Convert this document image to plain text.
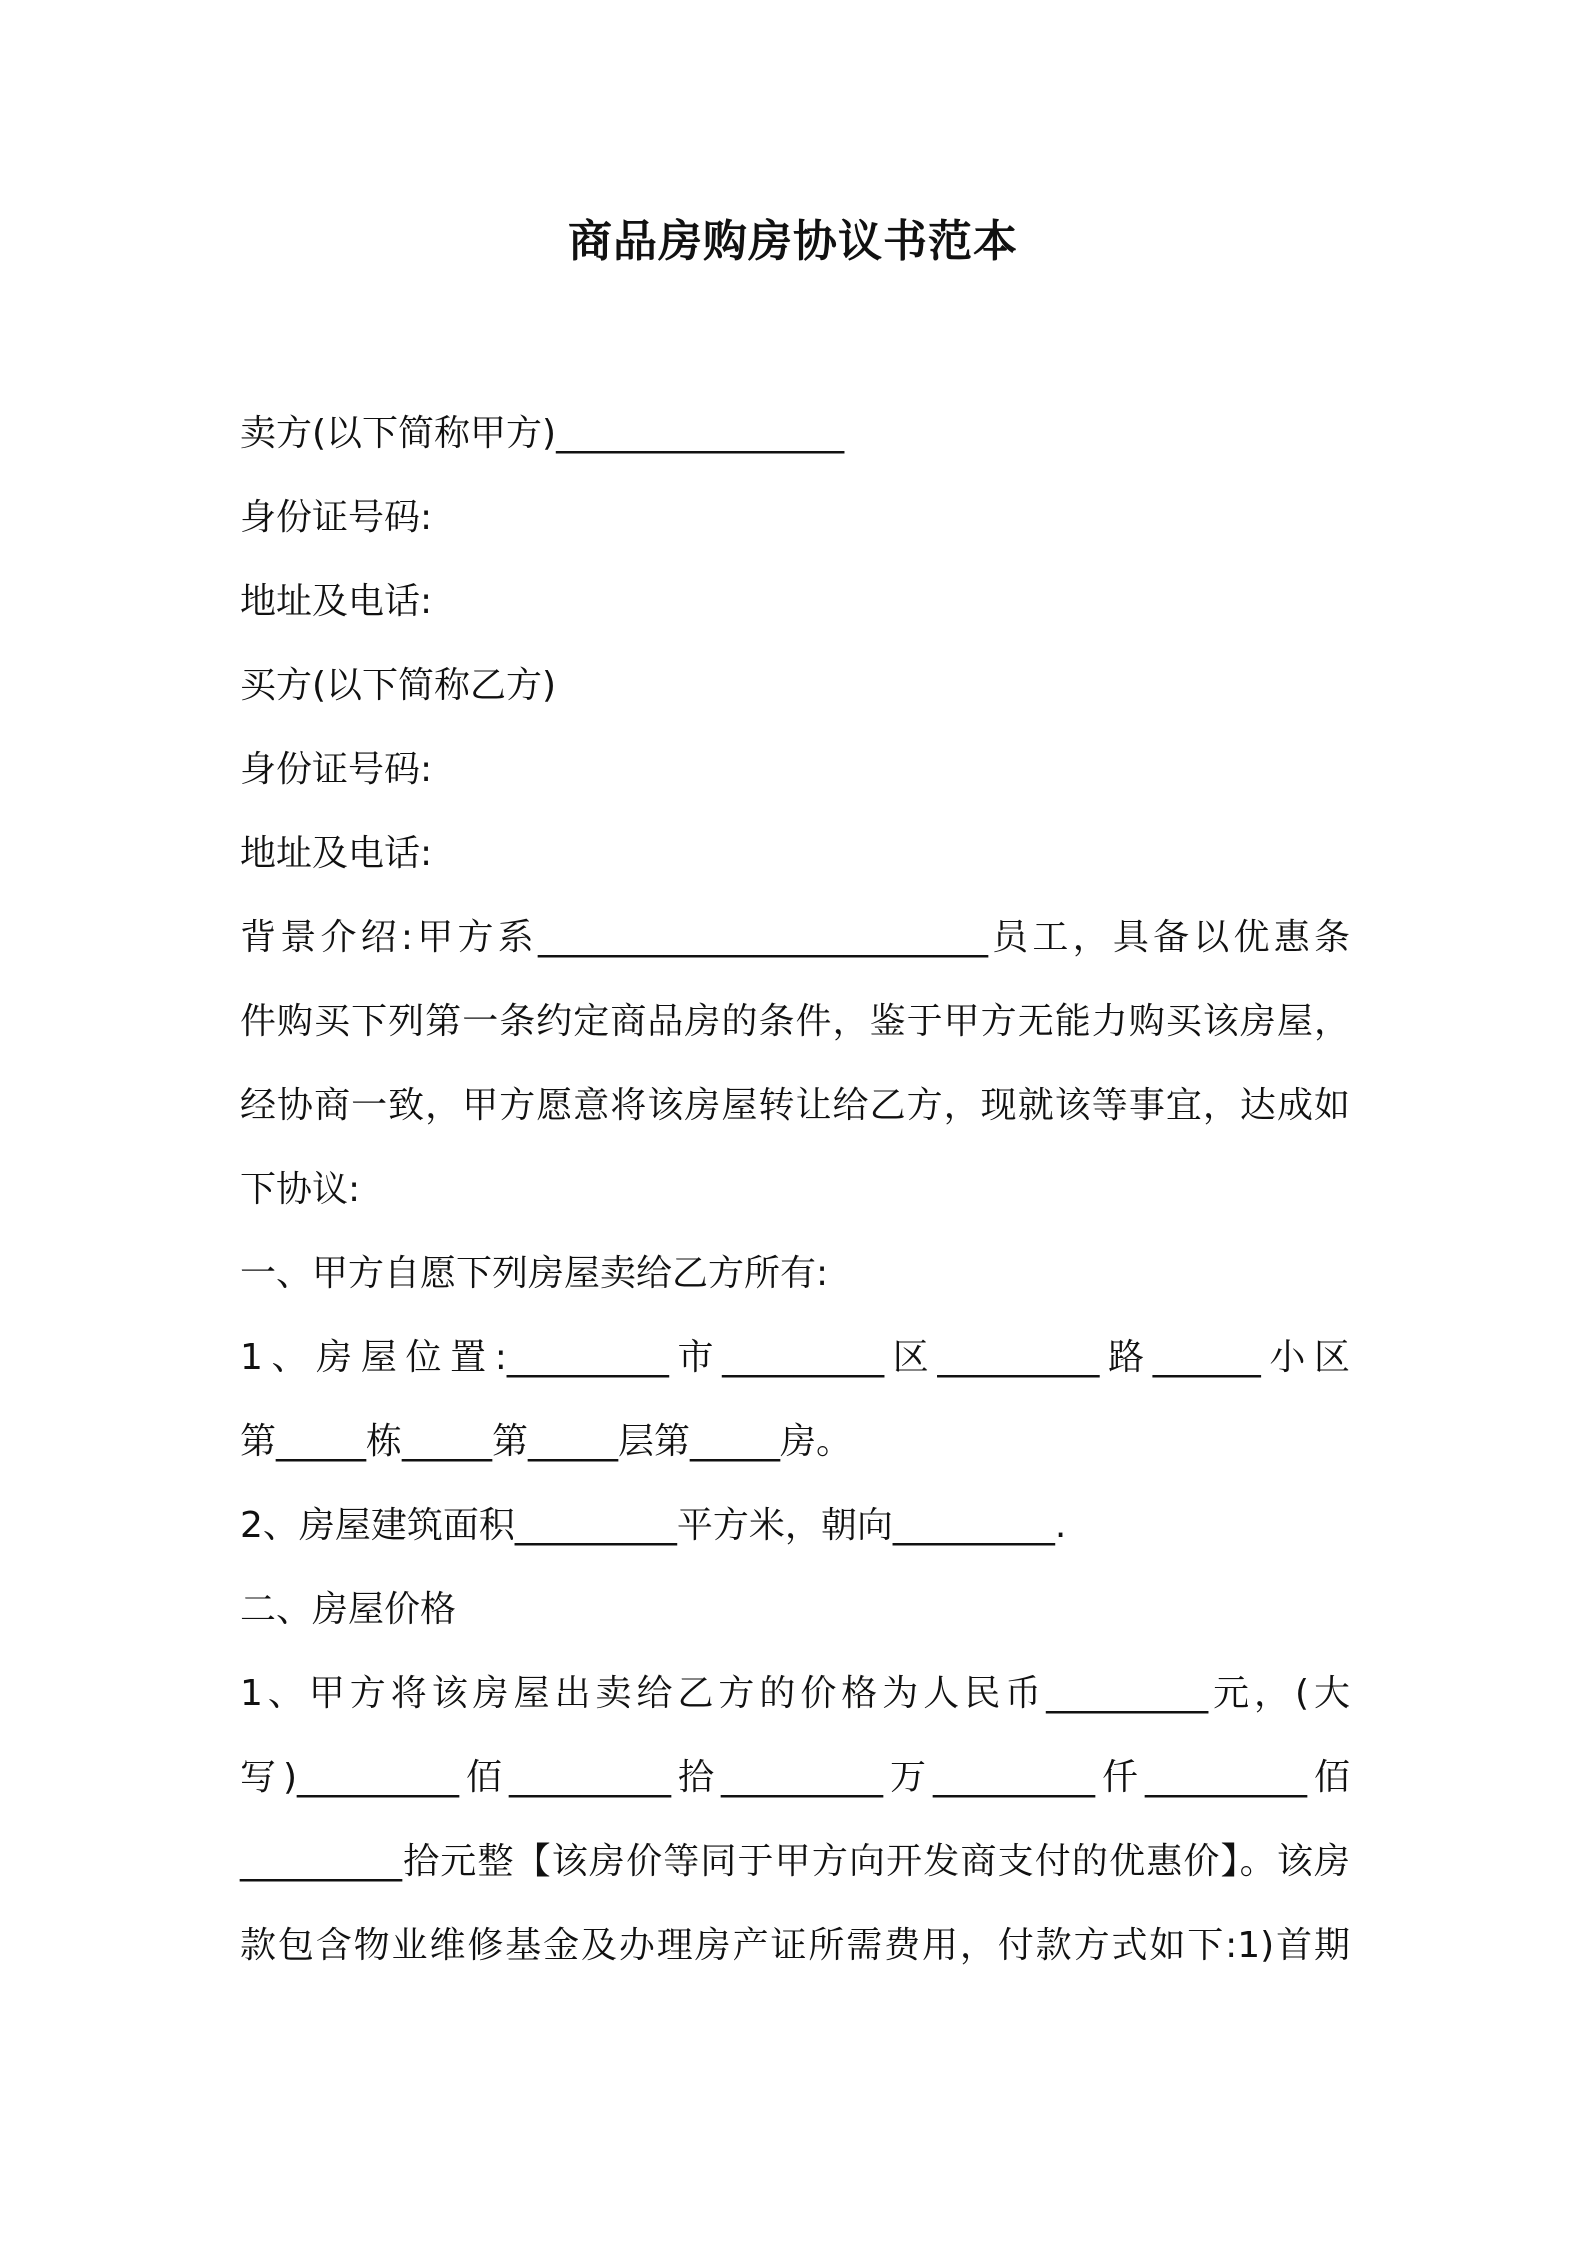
商品房购房协议书范本
卖方(以下简称甲方)________________
身份证号码:
地址及电话:
买方(以下简称乙方)
身份证号码:
地址及电话:
背景介绍:甲方系_________________________员工，具备以优惠条
件购买下列第一条约定商品房的条件，鉴于甲方无能力购买该房屋，
经协商一致，甲方愿意将该房屋转让给乙方，现就该等事宜，达成如
下协议:
一、甲方自愿下列房屋卖给乙方所有:
1、房屋位置:_________市_________区_________路______小区
第_____栋_____第_____层第_____房。
2、房屋建筑面积_________平方米，朝向_________.
二、房屋价格
1、甲方将该房屋出卖给乙方的价格为人民币_________元，(大
写)_________佰_________拾_________万_________仟_________佰
_________拾元整【该房价等同于甲方向开发商支付的优惠价】。该房
款包含物业维修基金及办理房产证所需费用，付款方式如下:1)首期
